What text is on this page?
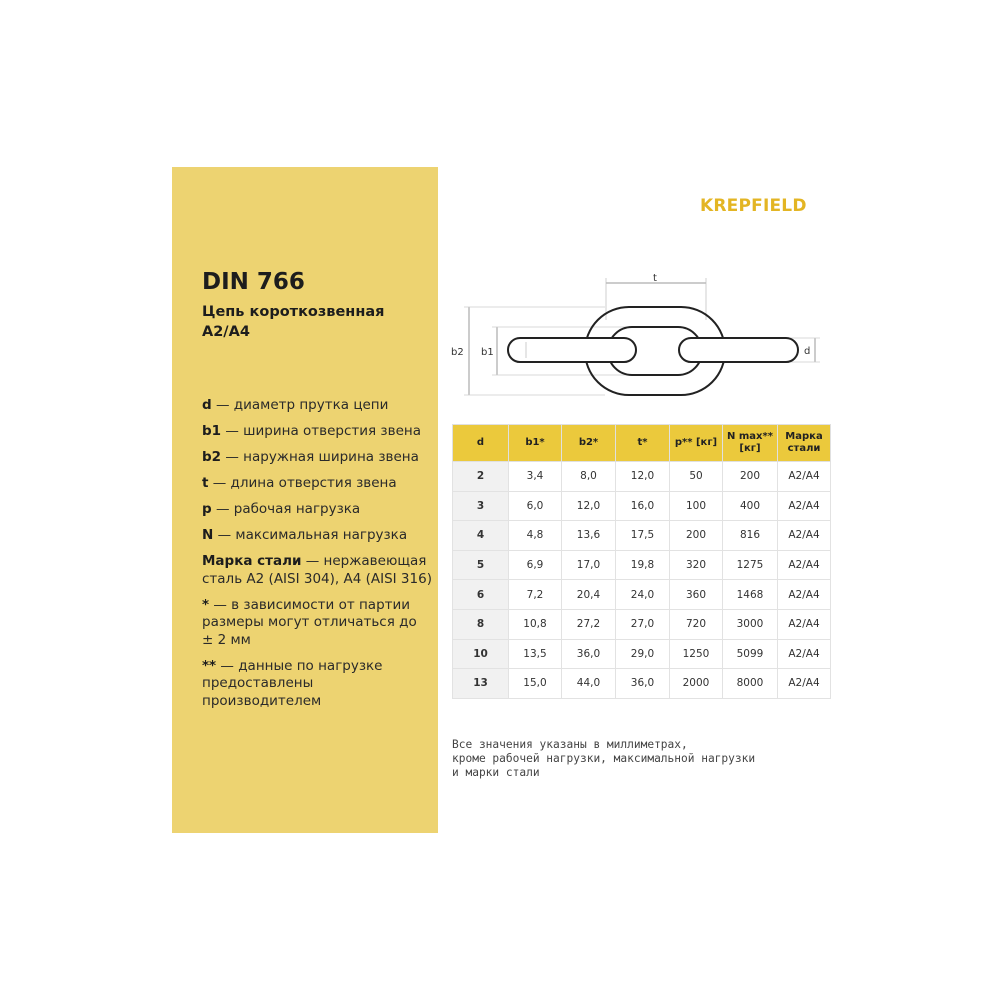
DIN 766
Цепь короткозвенная
A2/A4
d — диаметр прутка цепи
b1 — ширина отверстия звена
b2 — наружная ширина звена
t — длина отверстия звена
p — рабочая нагрузка
N — максимальная нагрузка
Марка стали — нержавеющая сталь A2 (AISI 304), A4 (AISI 316)
* — в зависимости от партии размеры могут отличаться до ± 2 мм
** — данные по нагрузке предоставлены производителем
KREPFIELD
t
b2 b1	d
d	b1*	b2*	t*	p** [кг]	N max** [кг]	Марка стали
2	3,4	8,0	12,0	50	200	A2/A4
3	6,0	12,0	16,0	100	400	A2/A4
4	4,8	13,6	17,5	200	816	A2/A4
5	6,9	17,0	19,8	320	1275	A2/A4
6	7,2	20,4	24,0	360	1468	A2/A4
8	10,8	27,2	27,0	720	3000	A2/A4
10	13,5	36,0	29,0	1250	5099	A2/A4
13	15,0	44,0	36,0	2000	8000	A2/A4
Все значения указаны в миллиметрах,
кроме рабочей нагрузки, максимальной нагрузки
и марки стали
